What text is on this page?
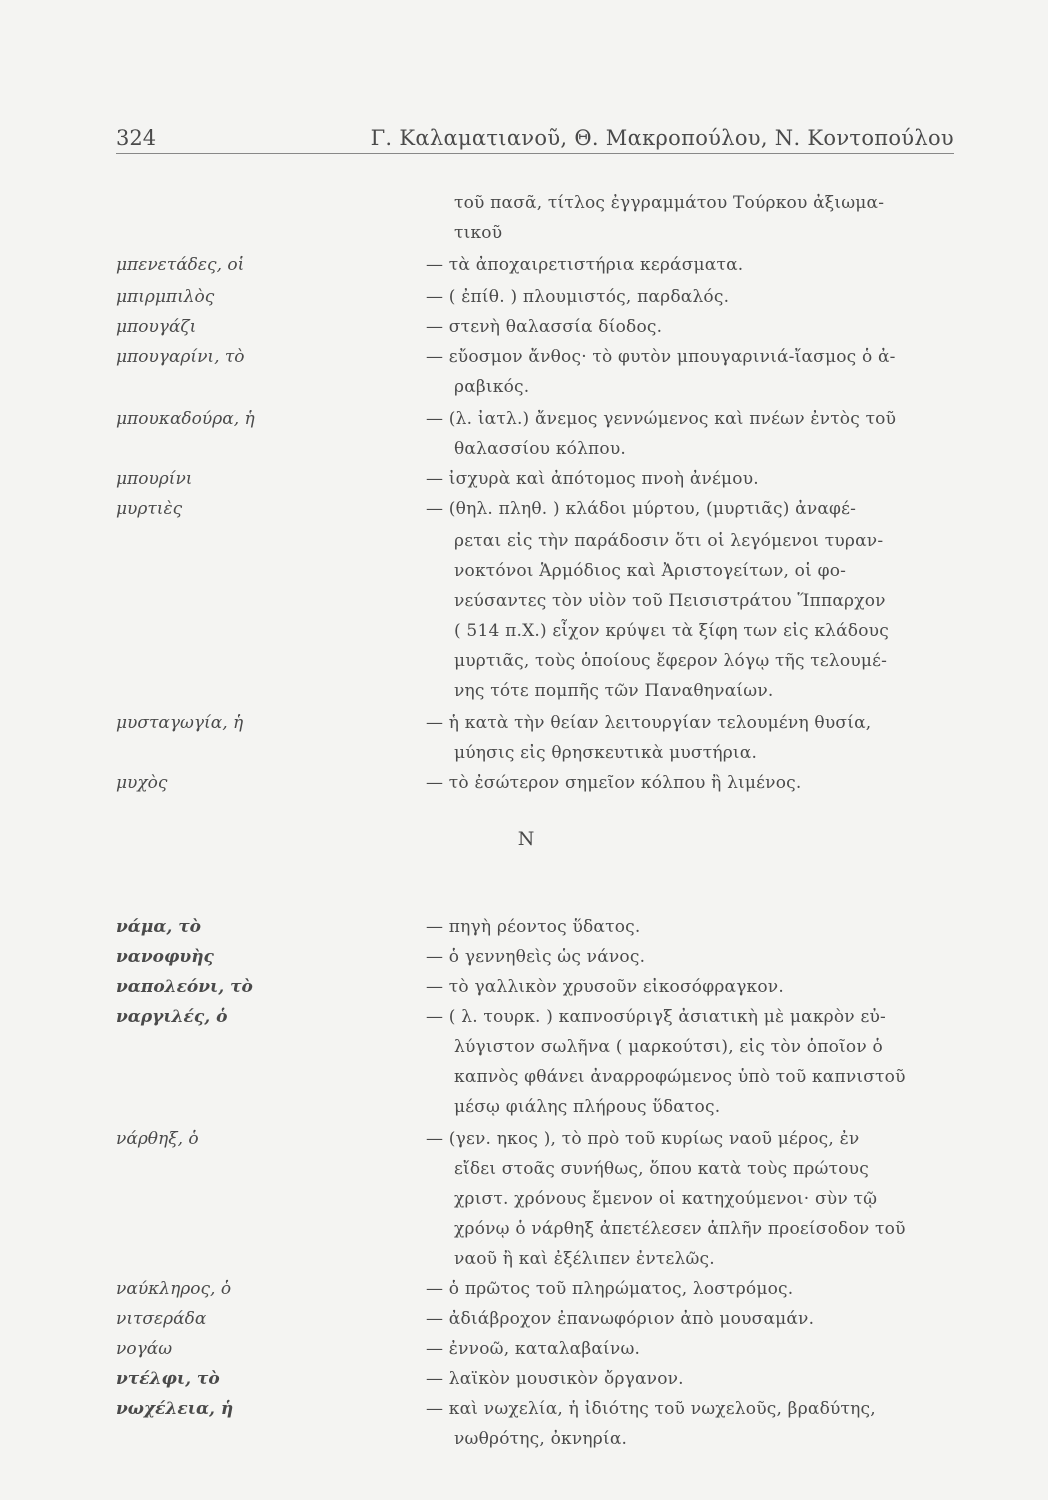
324	Γ. Καλαματιανοῦ, Θ. Μακροπούλου, Ν. Κοντοπούλου
τοῦ πασᾶ, τίτλος ἐγγραμμάτου Τούρκου ἀξιωμα-
τικοῦ
μπενετάδες, οἱ	— τὰ ἀποχαιρετιστήρια κεράσματα.
μπιρμπιλὸς	— ( ἐπίθ. ) πλουμιστός, παρδαλός.
μπουγάζι	— στενὴ θαλασσία δίοδος.
μπουγαρίνι, τὸ	— εὔοσμον ἄνθος· τὸ φυτὸν μπουγαρινιά-ἴασμος ὁ ἀ-
ραβικός.
μπουκαδούρα, ἡ	— (λ. ἰατλ.) ἄνεμος γεννώμενος καὶ πνέων ἐντὸς τοῦ
θαλασσίου κόλπου.
μπουρίνι	— ἰσχυρὰ καὶ ἀπότομος πνοὴ ἀνέμου.
μυρτιὲς	— (θηλ. πληθ. ) κλάδοι μύρτου, (μυρτιᾶς) ἀναφέ-
ρεται εἰς τὴν παράδοσιν ὅτι οἱ λεγόμενοι τυραν-
νοκτόνοι Ἁρμόδιος καὶ Ἀριστογείτων, οἱ φο-
νεύσαντες τὸν υἱὸν τοῦ Πεισιστράτου Ἵππαρχον
( 514 π.Χ.) εἶχον κρύψει τὰ ξίφη των εἰς κλάδους
μυρτιᾶς, τοὺς ὁποίους ἔφερον λόγῳ τῆς τελουμέ-
νης τότε πομπῆς τῶν Παναθηναίων.
μυσταγωγία, ἡ	— ἡ κατὰ τὴν θείαν λειτουργίαν τελουμένη θυσία,
μύησις εἰς θρησκευτικὰ μυστήρια.
μυχὸς	— τὸ ἐσώτερον σημεῖον κόλπου ἢ λιμένος.
Ν
νάμα, τὸ	— πηγὴ ρέοντος ὕδατος.
νανοφυὴς	— ὁ γεννηθεὶς ὡς νάνος.
ναπολεόνι, τὸ	— τὸ γαλλικὸν χρυσοῦν εἰκοσόφραγκον.
ναργιλές, ὁ	— ( λ. τουρκ. ) καπνοσύριγξ ἀσιατικὴ μὲ μακρὸν εὐ-
λύγιστον σωλῆνα ( μαρκούτσι), εἰς τὸν ὁποῖον ὁ
καπνὸς φθάνει ἀναρροφώμενος ὑπὸ τοῦ καπνιστοῦ
μέσῳ φιάλης πλήρους ὕδατος.
νάρθηξ, ὁ	— (γεν. ηκος ), τὸ πρὸ τοῦ κυρίως ναοῦ μέρος, ἐν
εἴδει στοᾶς συνήθως, ὅπου κατὰ τοὺς πρώτους
χριστ. χρόνους ἔμενον οἱ κατηχούμενοι· σὺν τῷ
χρόνῳ ὁ νάρθηξ ἀπετέλεσεν ἁπλῆν προείσοδον τοῦ
ναοῦ ἢ καὶ ἐξέλιπεν ἐντελῶς.
ναύκληρος, ὁ	— ὁ πρῶτος τοῦ πληρώματος, λοστρόμος.
νιτσεράδα	— ἀδιάβροχον ἐπανωφόριον ἀπὸ μουσαμάν.
νογάω	— ἐννοῶ, καταλαβαίνω.
ντέλφι, τὸ	— λαϊκὸν μουσικὸν ὄργανον.
νωχέλεια, ἡ	— καὶ νωχελία, ἡ ἰδιότης τοῦ νωχελοῦς, βραδύτης,
νωθρότης, ὀκνηρία.
